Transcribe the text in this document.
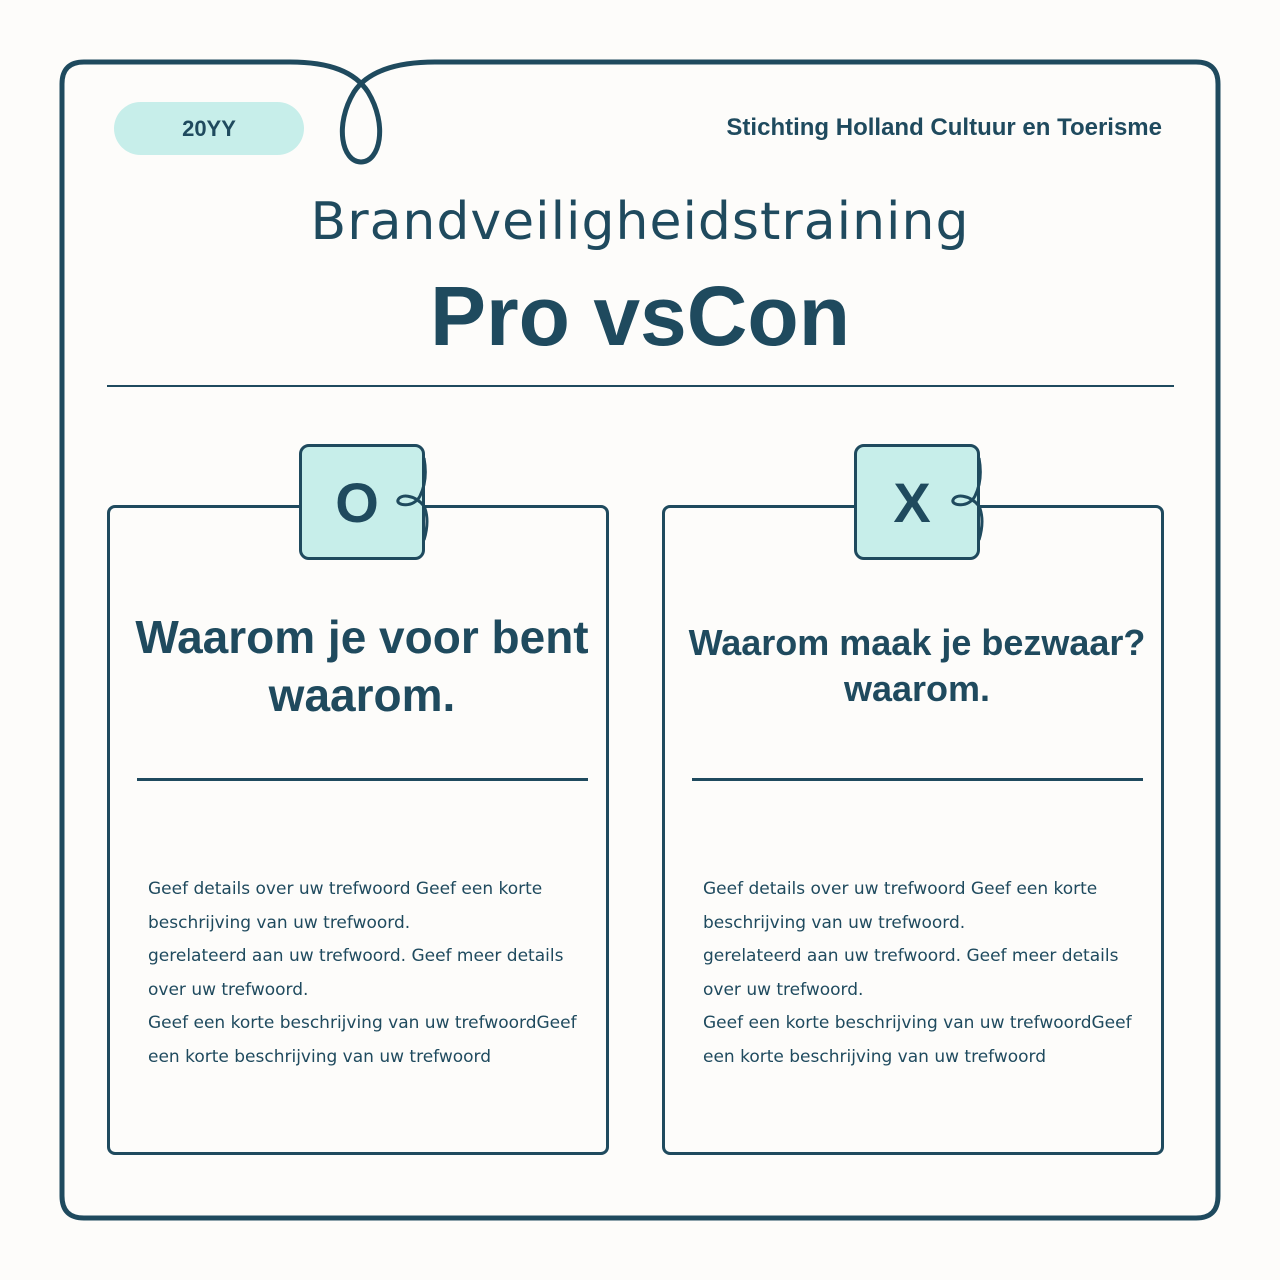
20YY	Stichting Holland Cultuur en Toerisme
Brandveiligheidstraining
Pro vsCon
O
Waarom je voor bent
waarom.
Geef details over uw trefwoord Geef een korte
beschrijving van uw trefwoord.
gerelateerd aan uw trefwoord. Geef meer details
over uw trefwoord.
Geef een korte beschrijving van uw trefwoordGeef
een korte beschrijving van uw trefwoord
X
Waarom maak je bezwaar?
waarom.
Geef details over uw trefwoord Geef een korte
beschrijving van uw trefwoord.
gerelateerd aan uw trefwoord. Geef meer details
over uw trefwoord.
Geef een korte beschrijving van uw trefwoordGeef
een korte beschrijving van uw trefwoord
